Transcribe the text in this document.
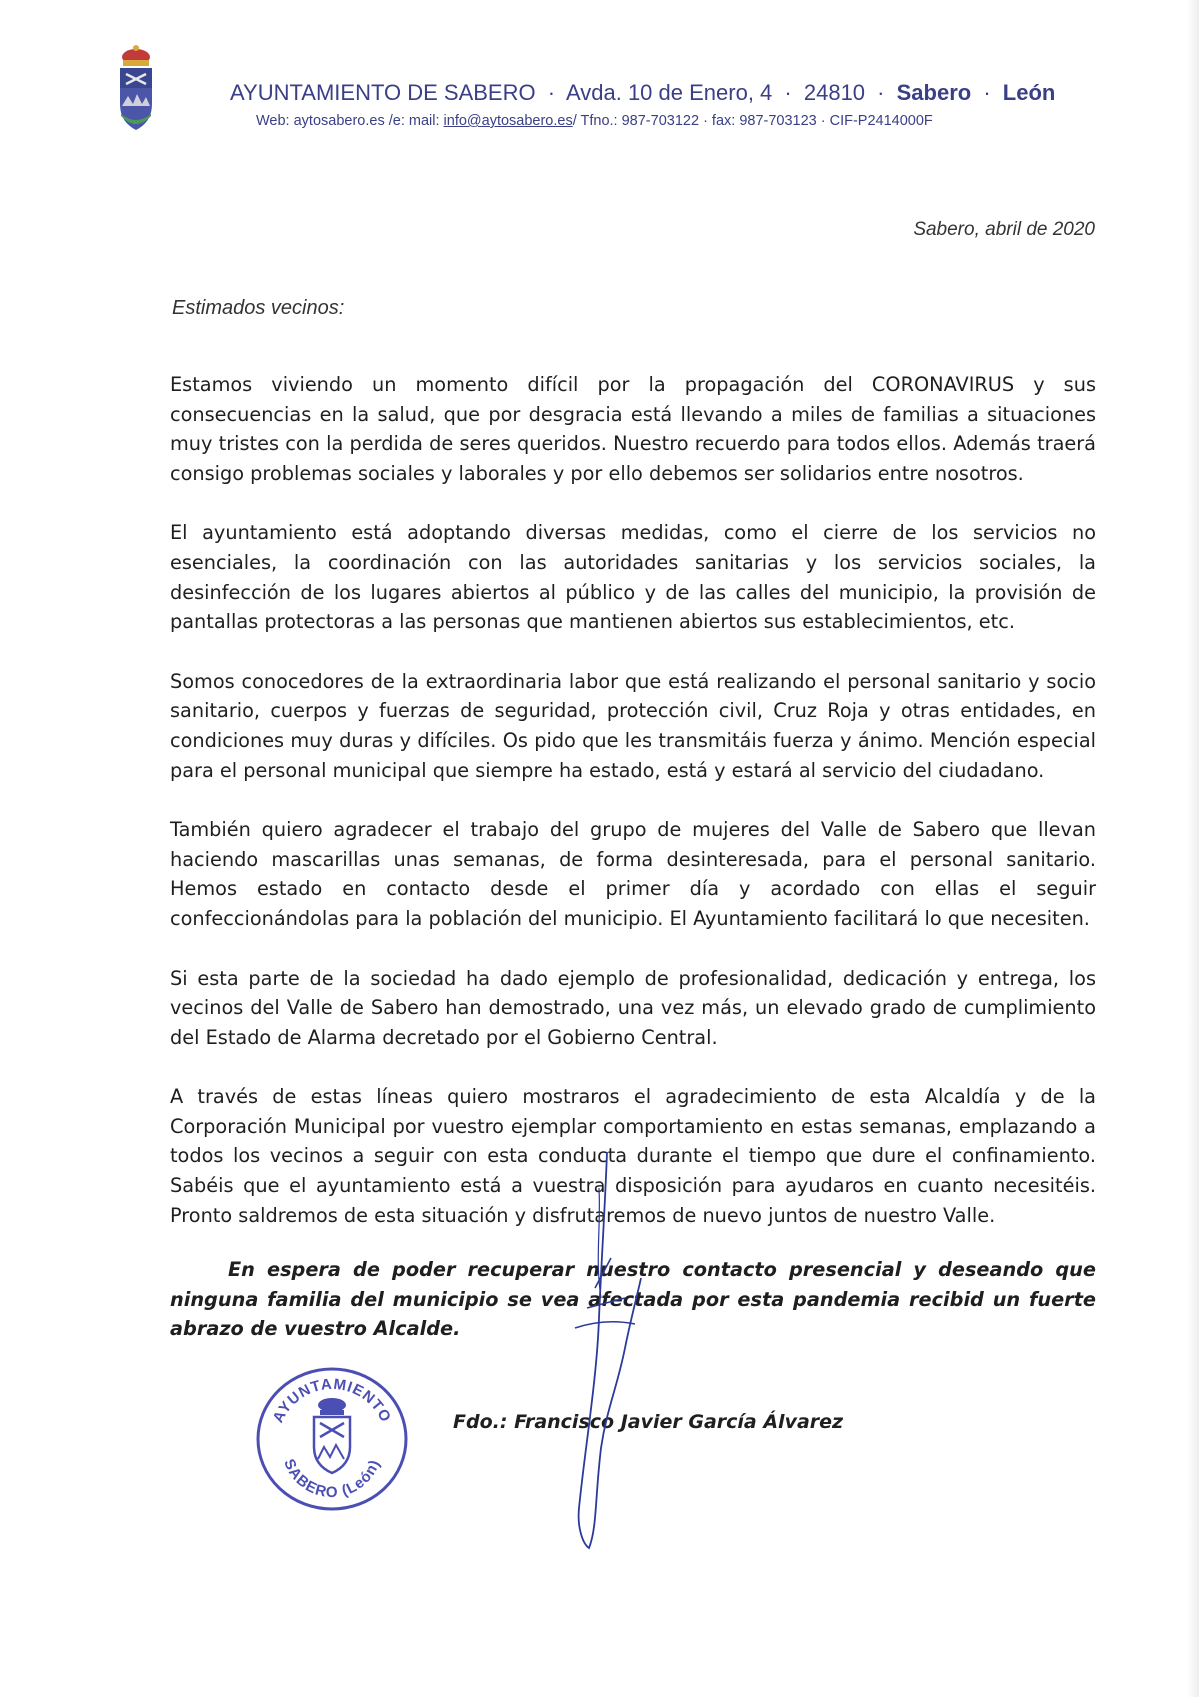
AYUNTAMIENTO DE SABERO · Avda. 10 de Enero, 4 · 24810 · Sabero · León
Web: aytosabero.es /e: mail: info@aytosabero.es/ Tfno.: 987-703122 · fax: 987-703123 · CIF-P2414000F
Sabero, abril de 2020
Estimados vecinos:

Estamos viviendo un momento difícil por la propagación del CORONAVIRUS y sus consecuencias en la salud, que por desgracia está llevando a miles de familias a situaciones muy tristes con la perdida de seres queridos. Nuestro recuerdo para todos ellos. Además traerá consigo problemas sociales y laborales y por ello debemos ser solidarios entre nosotros.

El ayuntamiento está adoptando diversas medidas, como el cierre de los servicios no esenciales, la coordinación con las autoridades sanitarias y los servicios sociales, la desinfección de los lugares abiertos al público y de las calles del municipio, la provisión de pantallas protectoras a las personas que mantienen abiertos sus establecimientos, etc.

Somos conocedores de la extraordinaria labor que está realizando el personal sanitario y socio sanitario, cuerpos y fuerzas de seguridad, protección civil, Cruz Roja y otras entidades, en condiciones muy duras y difíciles. Os pido que les transmitáis fuerza y ánimo. Mención especial para el personal municipal que siempre ha estado, está y estará al servicio del ciudadano.

También quiero agradecer el trabajo del grupo de mujeres del Valle de Sabero que llevan haciendo mascarillas unas semanas, de forma desinteresada, para el personal sanitario. Hemos estado en contacto desde el primer día y acordado con ellas el seguir confeccionándolas para la población del municipio. El Ayuntamiento facilitará lo que necesiten.

Si esta parte de la sociedad ha dado ejemplo de profesionalidad, dedicación y entrega, los vecinos del Valle de Sabero han demostrado, una vez más, un elevado grado de cumplimiento del Estado de Alarma decretado por el Gobierno Central.

A través de estas líneas quiero mostraros el agradecimiento de esta Alcaldía y de la Corporación Municipal por vuestro ejemplar comportamiento en estas semanas, emplazando a todos los vecinos a seguir con esta conducta durante el tiempo que dure el confinamiento. Sabéis que el ayuntamiento está a vuestra disposición para ayudaros en cuanto necesitéis. Pronto saldremos de esta situación y disfrutaremos de nuevo juntos de nuestro Valle.

En espera de poder recuperar nuestro contacto presencial y deseando que ninguna familia del municipio se vea afectada por esta pandemia recibid un fuerte abrazo de vuestro Alcalde.
AYUNTAMIENTO
SABERO (León)
Fdo.: Francisco Javier García Álvarez
